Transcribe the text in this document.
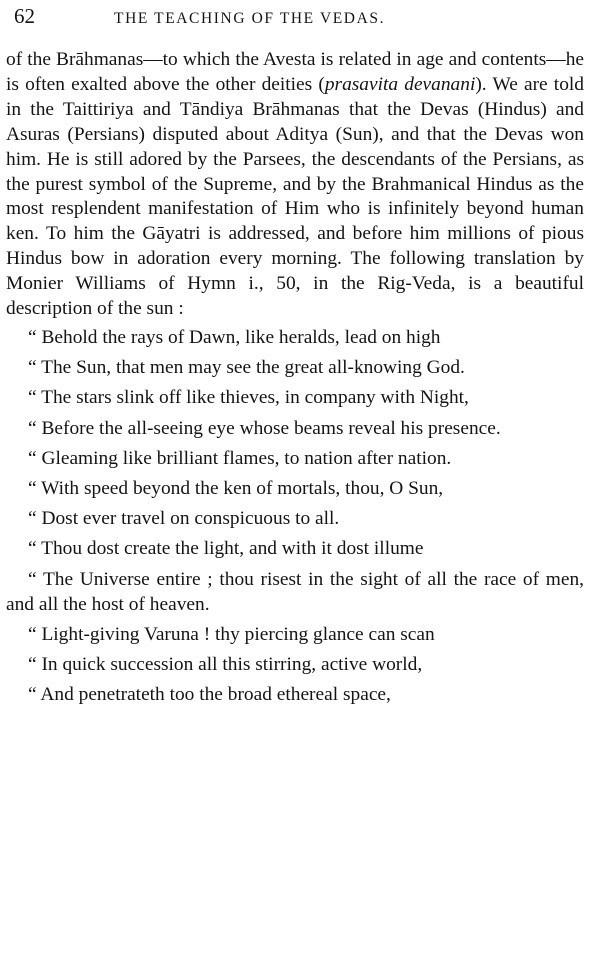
62	THE TEACHING OF THE VEDAS.

of the Brāhmanas—to which the Avesta is related in age and contents—he is often exalted above the other deities (prasavita devanani). We are told in the Taittiriya and Tāndiya Brāhmanas that the Devas (Hindus) and Asuras (Persians) disputed about Aditya (Sun), and that the Devas won him. He is still adored by the Parsees, the descendants of the Persians, as the purest symbol of the Supreme, and by the Brahmanical Hindus as the most resplendent manifestation of Him who is infinitely beyond human ken. To him the Gāyatri is addressed, and before him millions of pious Hindus bow in adoration every morning. The following translation by Monier Williams of Hymn i., 50, in the Rig-Veda, is a beautiful description of the sun :

“ Behold the rays of Dawn, like heralds, lead on high
“ The Sun, that men may see the great all-knowing God.
“ The stars slink off like thieves, in company with Night,
“ Before the all-seeing eye whose beams reveal his presence.
“ Gleaming like brilliant flames, to nation after nation.
“ With speed beyond the ken of mortals, thou, O Sun,
“ Dost ever travel on conspicuous to all.
“ Thou dost create the light, and with it dost illume
“ The Universe entire ; thou risest in the sight of all the race of men, and all the host of heaven.
“ Light-giving Varuna ! thy piercing glance can scan
“ In quick succession all this stirring, active world,
“ And penetrateth too the broad ethereal space,
